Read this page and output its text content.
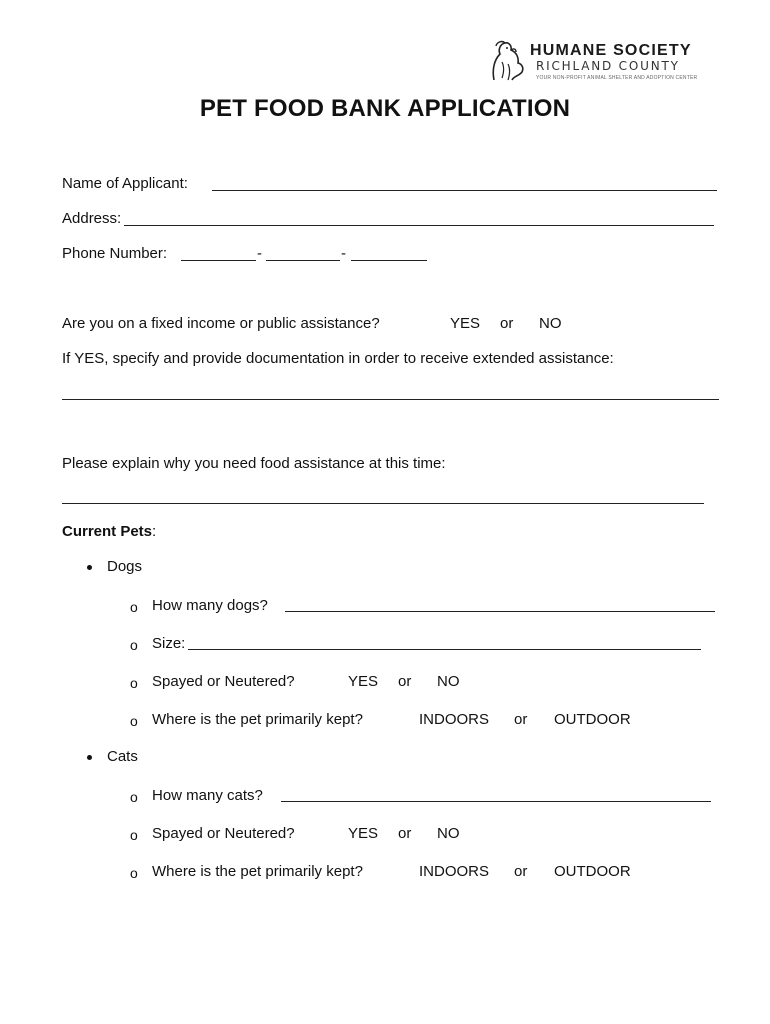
HUMANE SOCIETY
RICHLAND COUNTY
YOUR NON-PROFIT ANIMAL SHELTER AND ADOPTION CENTER
PET FOOD BANK APPLICATION
Name of Applicant:
Address:
Phone Number:	-	-
Are you on a fixed income or public assistance?	YES or NO
If YES, specify and provide documentation in order to receive extended assistance:
Please explain why you need food assistance at this time:
Current Pets:
Dogs
o How many dogs?
o Size:
o Spayed or Neutered?	YES or NO
o Where is the pet primarily kept?	INDOORS or OUTDOOR
Cats
o How many cats?
o Spayed or Neutered?	YES or NO
o Where is the pet primarily kept?	INDOORS or OUTDOOR
